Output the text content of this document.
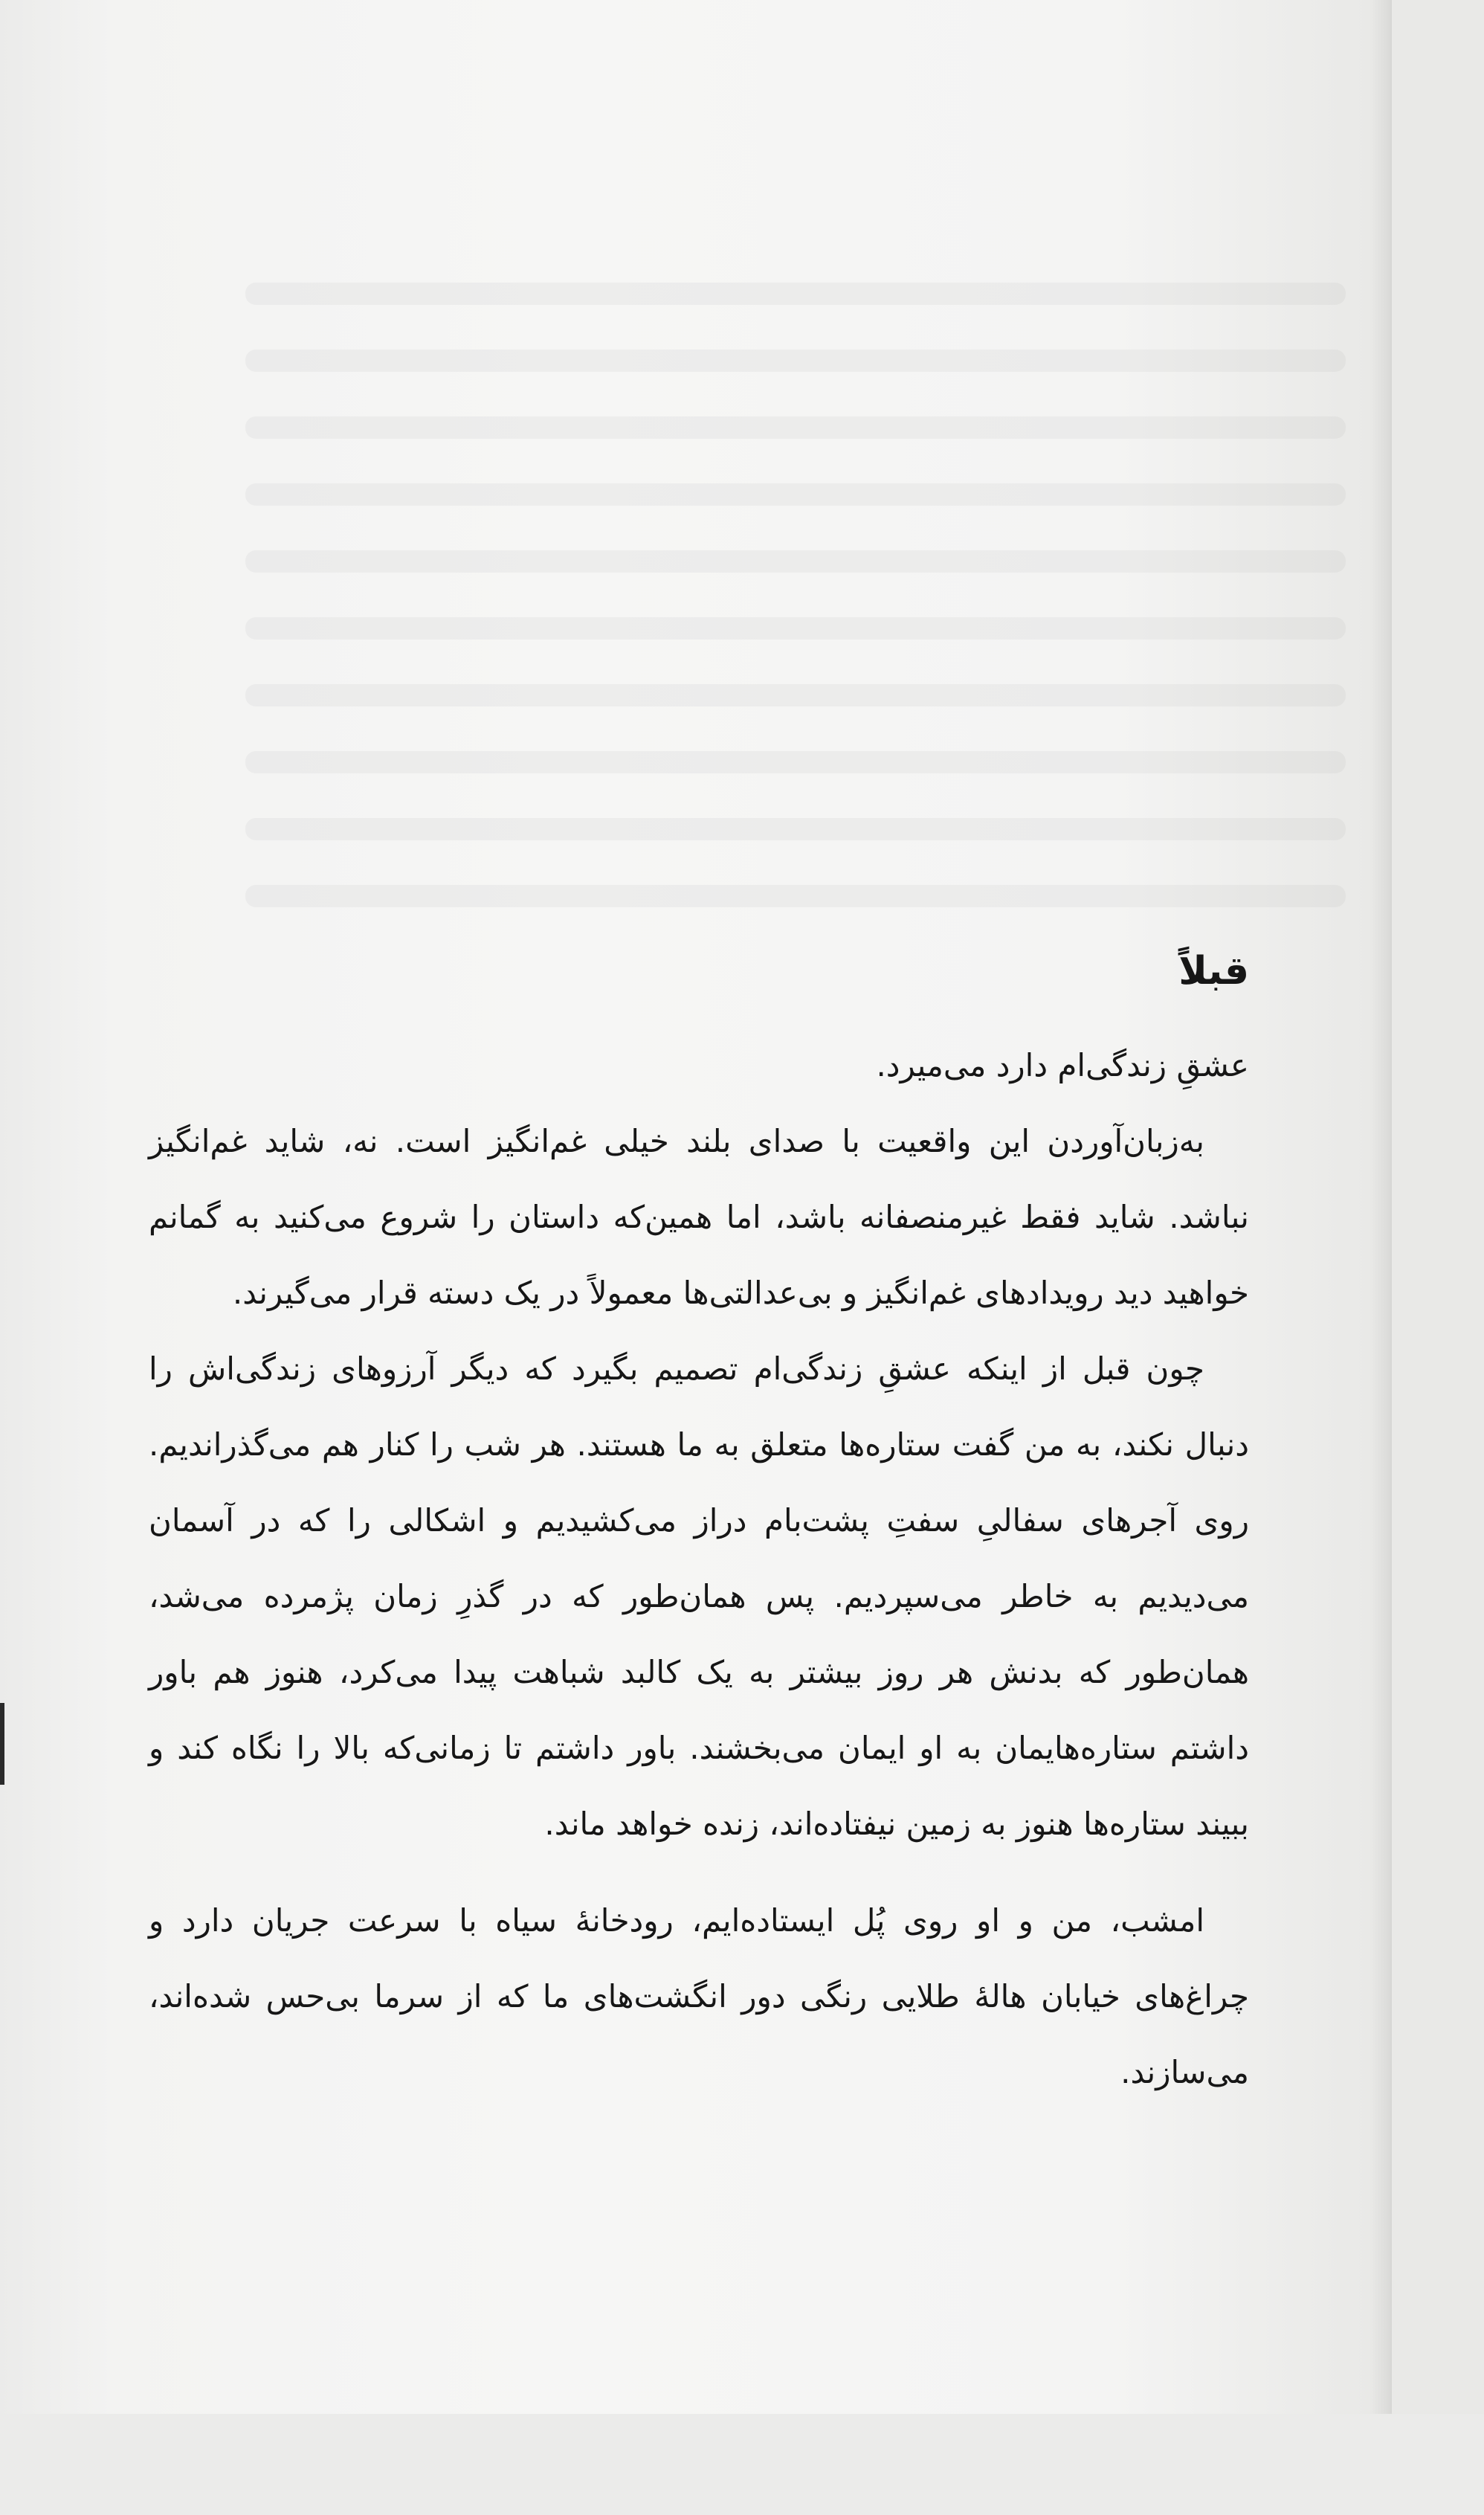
قبلاً

عشقِ زندگی‌ام دارد می‌میرد.

به‌زبان‌آوردن این واقعیت با صدای بلند خیلی غم‌انگیز است. نه، شاید غم‌انگیز نباشد. شاید فقط غیرمنصفانه باشد، اما همین‌که داستان را شروع می‌کنید به گمانم خواهید دید رویدادهای غم‌انگیز و بی‌عدالتی‌ها معمولاً در یک دسته قرار می‌گیرند.

چون قبل از اینکه عشقِ زندگی‌ام تصمیم بگیرد که دیگر آرزوهای زندگی‌اش را دنبال نکند، به من گفت ستاره‌ها متعلق به ما هستند. هر شب را کنار هم می‌گذراندیم. روی آجرهای سفالیِ سفتِ پشت‌بام دراز می‌کشیدیم و اشکالی را که در آسمان می‌دیدیم به خاطر می‌سپردیم. پس همان‌طور که در گذرِ زمان پژمرده می‌شد، همان‌طور که بدنش هر روز بیشتر به یک کالبد شباهت پیدا می‌کرد، هنوز هم باور داشتم ستاره‌هایمان به او ایمان می‌بخشند. باور داشتم تا زمانی‌که بالا را نگاه کند و ببیند ستاره‌ها هنوز به زمین نیفتاده‌اند، زنده خواهد ماند.

امشب، من و او روی پُل ایستاده‌ایم، رودخانهٔ سیاه با سرعت جریان دارد و چراغ‌های خیابان هالهٔ طلایی رنگی دور انگشت‌های ما که از سرما بی‌حس شده‌اند، می‌سازند.
